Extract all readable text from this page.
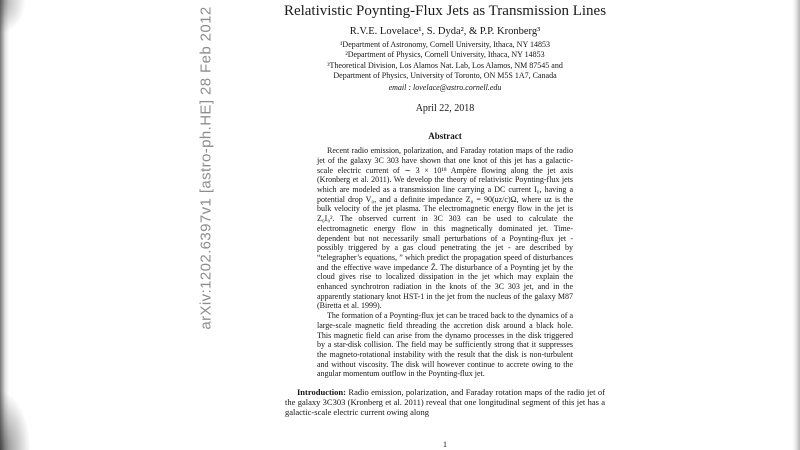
arXiv:1202.6397v1 [astro-ph.HE] 28 Feb 2012	Relativistic Poynting-Flux Jets as Transmission Lines
R.V.E. Lovelace¹, S. Dyda², & P.P. Kronberg³
¹Department of Astronomy, Cornell University, Ithaca, NY 14853
²Department of Physics, Cornell University, Ithaca, NY 14853
³Theoretical Division, Los Alamos Nat. Lab, Los Alamos, NM 87545 and
Department of Physics, University of Toronto, ON M5S 1A7, Canada
email : lovelace@astro.cornell.edu
April 22, 2018
Abstract

Recent radio emission, polarization, and Faraday rotation maps of the radio jet of the galaxy 3C 303 have shown that one knot of this jet has a galactic-scale electric current of ∼ 3 × 10¹⁸ Ampère flowing along the jet axis (Kronberg et al. 2011). We develop the theory of relativistic Poynting-flux jets which are modeled as a transmission line carrying a DC current I₀, having a potential drop V₀, and a definite impedance Z₀ = 90(uz/c)Ω, where uz is the bulk velocity of the jet plasma. The electromagnetic energy flow in the jet is Z₀I₀². The observed current in 3C 303 can be used to calculate the electromagnetic energy flow in this magnetically dominated jet. Time-dependent but not necessarily small perturbations of a Poynting-flux jet - possibly triggered by a gas cloud penetrating the jet - are described by “telegrapher’s equations, ” which predict the propagation speed of disturbances and the effective wave impedance Z̄. The disturbance of a Poynting jet by the cloud gives rise to localized dissipation in the jet which may explain the enhanced synchrotron radiation in the knots of the 3C 303 jet, and in the apparently stationary knot HST-1 in the jet from the nucleus of the galaxy M87 (Biretta et al. 1999).

The formation of a Poynting-flux jet can be traced back to the dynamics of a large-scale magnetic field threading the accretion disk around a black hole. This magnetic field can arise from the dynamo processes in the disk triggered by a star-disk collision. The field may be sufficiently strong that it suppresses the magneto-rotational instability with the result that the disk is non-turbulent and without viscosity. The disk will however continue to accrete owing to the angular momentum outflow in the Poynting-flux jet.

Introduction: Radio emission, polarization, and Faraday rotation maps of the radio jet of the galaxy 3C303 (Kronberg et al. 2011) reveal that one longitudinal segment of this jet has a galactic-scale electric current owing along

1
